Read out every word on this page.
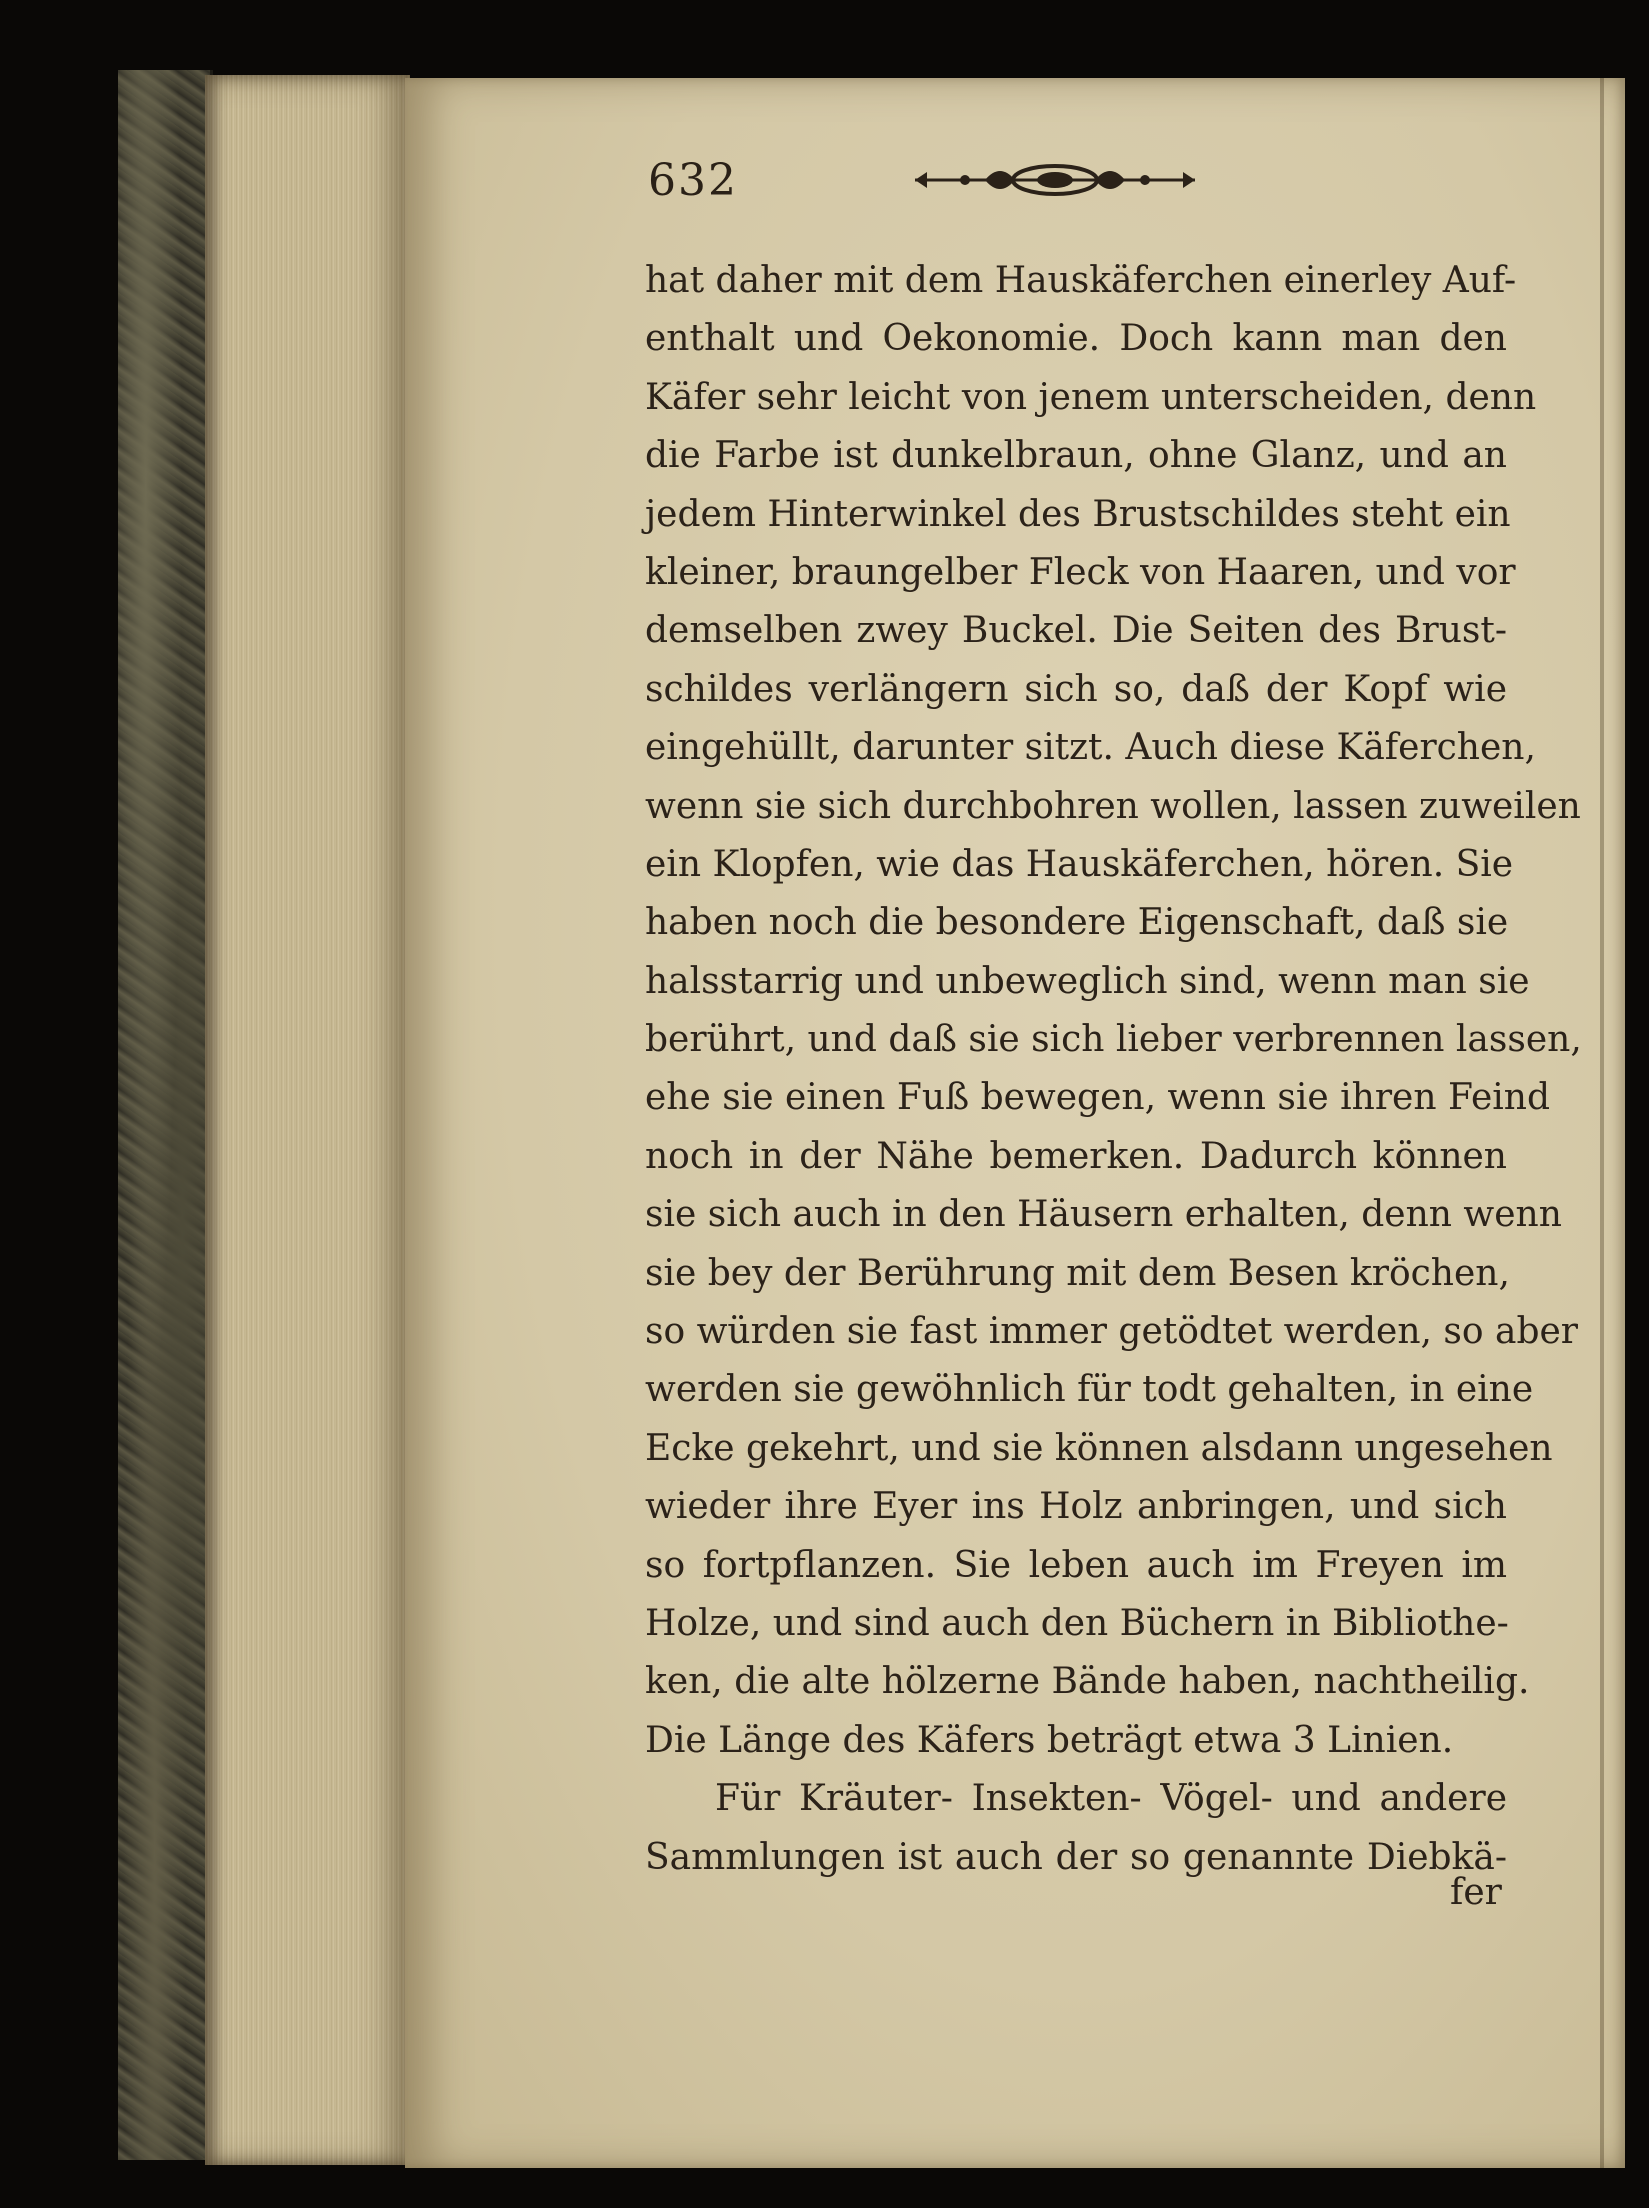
632
hat daher mit dem Hauskäferchen einerley Auf-
enthalt und Oekonomie. Doch kann man den
Käfer sehr leicht von jenem unterscheiden, denn
die Farbe ist dunkelbraun, ohne Glanz, und an
jedem Hinterwinkel des Brustschildes steht ein
kleiner, braungelber Fleck von Haaren, und vor
demselben zwey Buckel. Die Seiten des Brust-
schildes verlängern sich so, daß der Kopf wie
eingehüllt, darunter sitzt. Auch diese Käferchen,
wenn sie sich durchbohren wollen, lassen zuweilen
ein Klopfen, wie das Hauskäferchen, hören. Sie
haben noch die besondere Eigenschaft, daß sie
halsstarrig und unbeweglich sind, wenn man sie
berührt, und daß sie sich lieber verbrennen lassen,
ehe sie einen Fuß bewegen, wenn sie ihren Feind
noch in der Nähe bemerken. Dadurch können
sie sich auch in den Häusern erhalten, denn wenn
sie bey der Berührung mit dem Besen kröchen,
so würden sie fast immer getödtet werden, so aber
werden sie gewöhnlich für todt gehalten, in eine
Ecke gekehrt, und sie können alsdann ungesehen
wieder ihre Eyer ins Holz anbringen, und sich
so fortpflanzen. Sie leben auch im Freyen im
Holze, und sind auch den Büchern in Bibliothe-
ken, die alte hölzerne Bände haben, nachtheilig.
Die Länge des Käfers beträgt etwa 3 Linien.
Für Kräuter- Insekten- Vögel- und andere
Sammlungen ist auch der so genannte Diebkä-
fer
